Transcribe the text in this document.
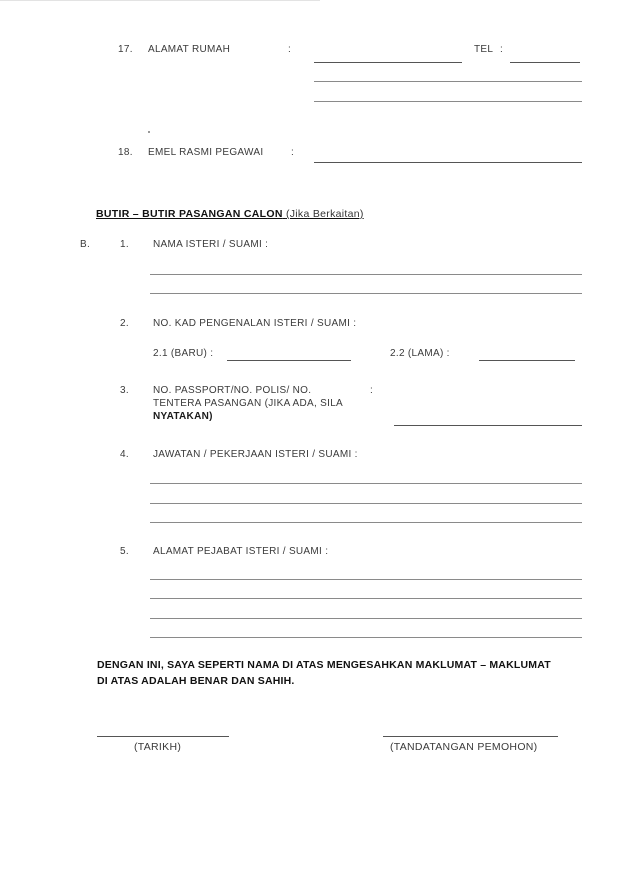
17. ALAMAT RUMAH	:	TEL :
18. EMEL RASMI PEGAWAI	:
BUTIR – BUTIR PASANGAN CALON (Jika Berkaitan)
B.	1. NAMA ISTERI / SUAMI :
2. NO. KAD PENGENALAN ISTERI / SUAMI :
2.1 (BARU) :	2.2 (LAMA) :
3. NO. PASSPORT/NO. POLIS/ NO.
TENTERA PASANGAN (JIKA ADA, SILA
NYATAKAN)
:
4. JAWATAN / PEKERJAAN ISTERI / SUAMI :
5. ALAMAT PEJABAT ISTERI / SUAMI :
DENGAN INI, SAYA SEPERTI NAMA DI ATAS MENGESAHKAN MAKLUMAT – MAKLUMAT
DI ATAS ADALAH BENAR DAN SAHIH.
(TARIKH)	(TANDATANGAN PEMOHON)
